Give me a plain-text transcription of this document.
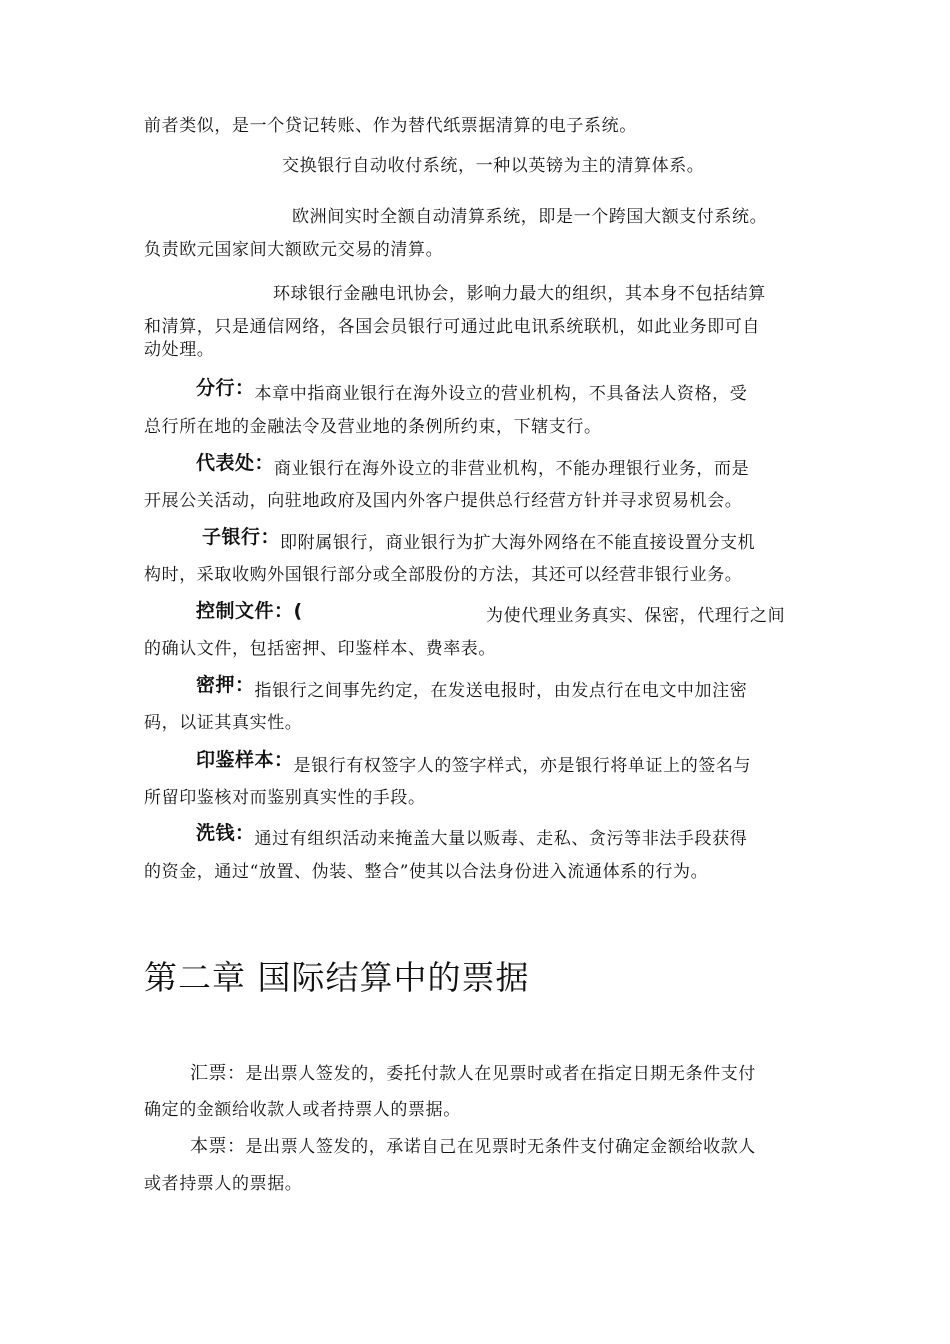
前者类似，是一个贷记转账、作为替代纸票据清算的电子系统。
交换银行自动收付系统，一种以英镑为主的清算体系。
欧洲间实时全额自动清算系统，即是一个跨国大额支付系统。
负责欧元国家间大额欧元交易的清算。
环球银行金融电讯协会，影响力最大的组织，其本身不包括结算
和清算，只是通信网络，各国会员银行可通过此电讯系统联机，如此业务即可自
动处理。
分行：本章中指商业银行在海外设立的营业机构，不具备法人资格，受
总行所在地的金融法令及营业地的条例所约束，下辖支行。
代表处：商业银行在海外设立的非营业机构，不能办理银行业务，而是
开展公关活动，向驻地政府及国内外客户提供总行经营方针并寻求贸易机会。
子银行：即附属银行，商业银行为扩大海外网络在不能直接设置分支机
构时，采取收购外国银行部分或全部股份的方法，其还可以经营非银行业务。
控制文件：(	为使代理业务真实、保密，代理行之间
的确认文件，包括密押、印鉴样本、费率表。
密押：指银行之间事先约定，在发送电报时，由发点行在电文中加注密
码，以证其真实性。
印鉴样本：是银行有权签字人的签字样式，亦是银行将单证上的签名与
所留印鉴核对而鉴别真实性的手段。
洗钱：通过有组织活动来掩盖大量以贩毒、走私、贪污等非法手段获得
的资金，通过“放置、伪装、整合”使其以合法身份进入流通体系的行为。
第二章 国际结算中的票据
汇票：是出票人签发的，委托付款人在见票时或者在指定日期无条件支付
确定的金额给收款人或者持票人的票据。
本票：是出票人签发的，承诺自己在见票时无条件支付确定金额给收款人
或者持票人的票据。
